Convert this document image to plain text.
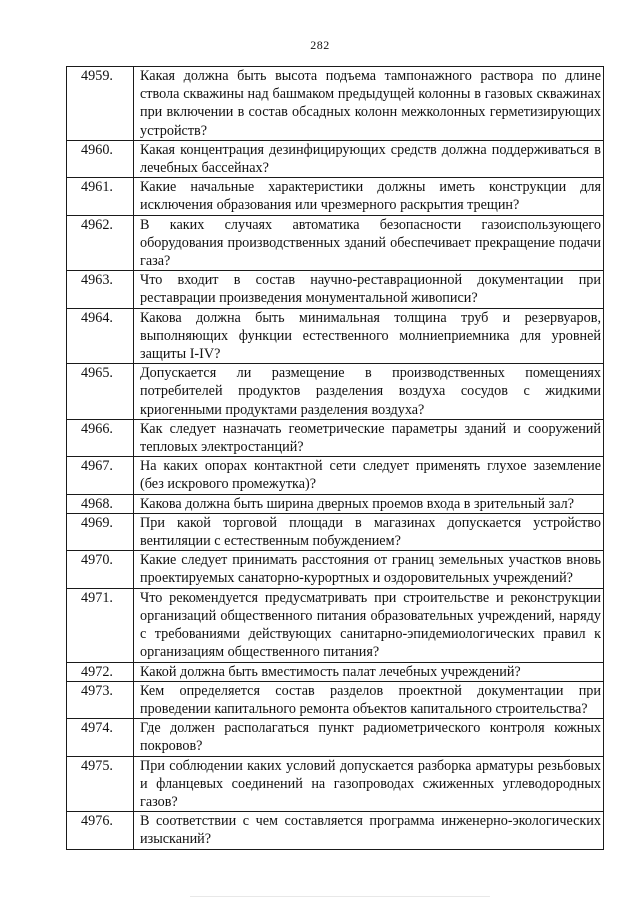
282
4959.	Какая должна быть высота подъема тампонажного раствора по длине ствола скважины над башмаком предыдущей колонны в газовых скважинах при включении в состав обсадных колонн межколонных герметизирующих устройств?
4960.	Какая концентрация дезинфицирующих средств должна поддерживаться в лечебных бассейнах?
4961.	Какие начальные характеристики должны иметь конструкции для исключения образования или чрезмерного раскрытия трещин?
4962.	В каких случаях автоматика безопасности газоиспользующего оборудования производственных зданий обеспечивает прекращение подачи газа?
4963.	Что входит в состав научно-реставрационной документации при реставрации произведения монументальной живописи?
4964.	Какова должна быть минимальная толщина труб и резервуаров, выполняющих функции естественного молниеприемника для уровней защиты I-IV?
4965.	Допускается ли размещение в производственных помещениях потребителей продуктов разделения воздуха сосудов с жидкими криогенными продуктами разделения воздуха?
4966.	Как следует назначать геометрические параметры зданий и сооружений тепловых электростанций?
4967.	На каких опорах контактной сети следует применять глухое заземление (без искрового промежутка)?
4968.	Какова должна быть ширина дверных проемов входа в зрительный зал?
4969.	При какой торговой площади в магазинах допускается устройство вентиляции с естественным побуждением?
4970.	Какие следует принимать расстояния от границ земельных участков вновь проектируемых санаторно-курортных и оздоровительных учреждений?
4971.	Что рекомендуется предусматривать при строительстве и реконструкции организаций общественного питания образовательных учреждений, наряду с требованиями действующих санитарно-эпидемиологических правил к организациям общественного питания?
4972.	Какой должна быть вместимость палат лечебных учреждений?
4973.	Кем определяется состав разделов проектной документации при проведении капитального ремонта объектов капитального строительства?
4974.	Где должен располагаться пункт радиометрического контроля кожных покровов?
4975.	При соблюдении каких условий допускается разборка арматуры резьбовых и фланцевых соединений на газопроводах сжиженных углеводородных газов?
4976.	В соответствии с чем составляется программа инженерно-экологических изысканий?
